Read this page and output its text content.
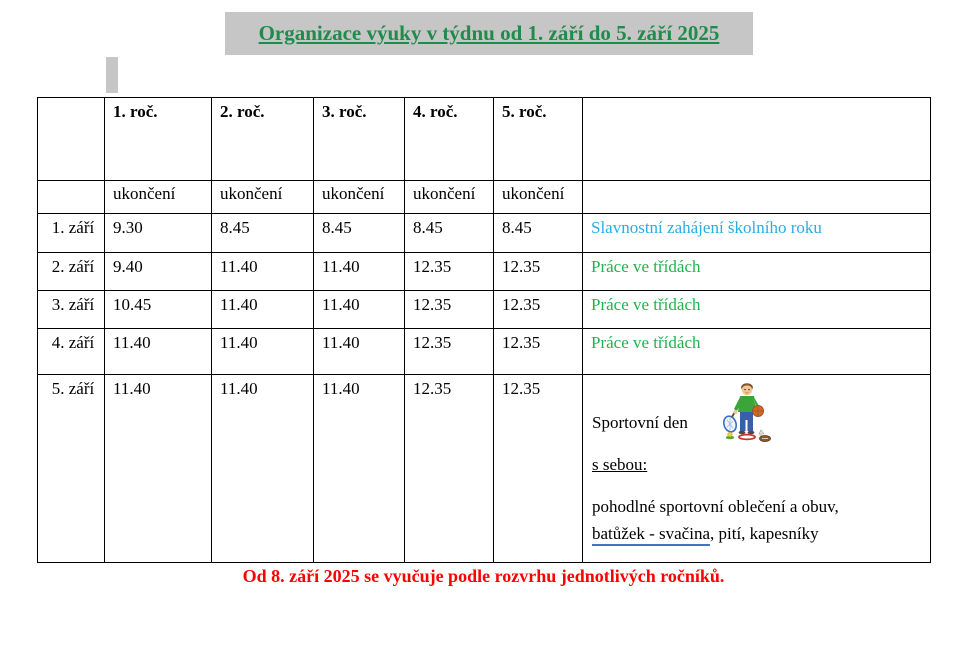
Organizace výuky v týdnu od 1. září do 5. září 2025
	1. roč.	2. roč.	3. roč.	4. roč.	5. roč.	
	ukončení	ukončení	ukončení	ukončení	ukončení	
1. září	9.30	8.45	8.45	8.45	8.45	Slavnostní zahájení školního roku
2. září	9.40	11.40	11.40	12.35	12.35	Práce ve třídách
3. září	10.45	11.40	11.40	12.35	12.35	Práce ve třídách
4. září	11.40	11.40	11.40	12.35	12.35	Práce ve třídách
5. září	11.40	11.40	11.40	12.35	12.35	Sportovní den
s sebou:
pohodlné sportovní oblečení a obuv,
batůžek - svačina, pití, kapesníky
Od 8. září 2025 se vyučuje podle rozvrhu jednotlivých ročníků.
